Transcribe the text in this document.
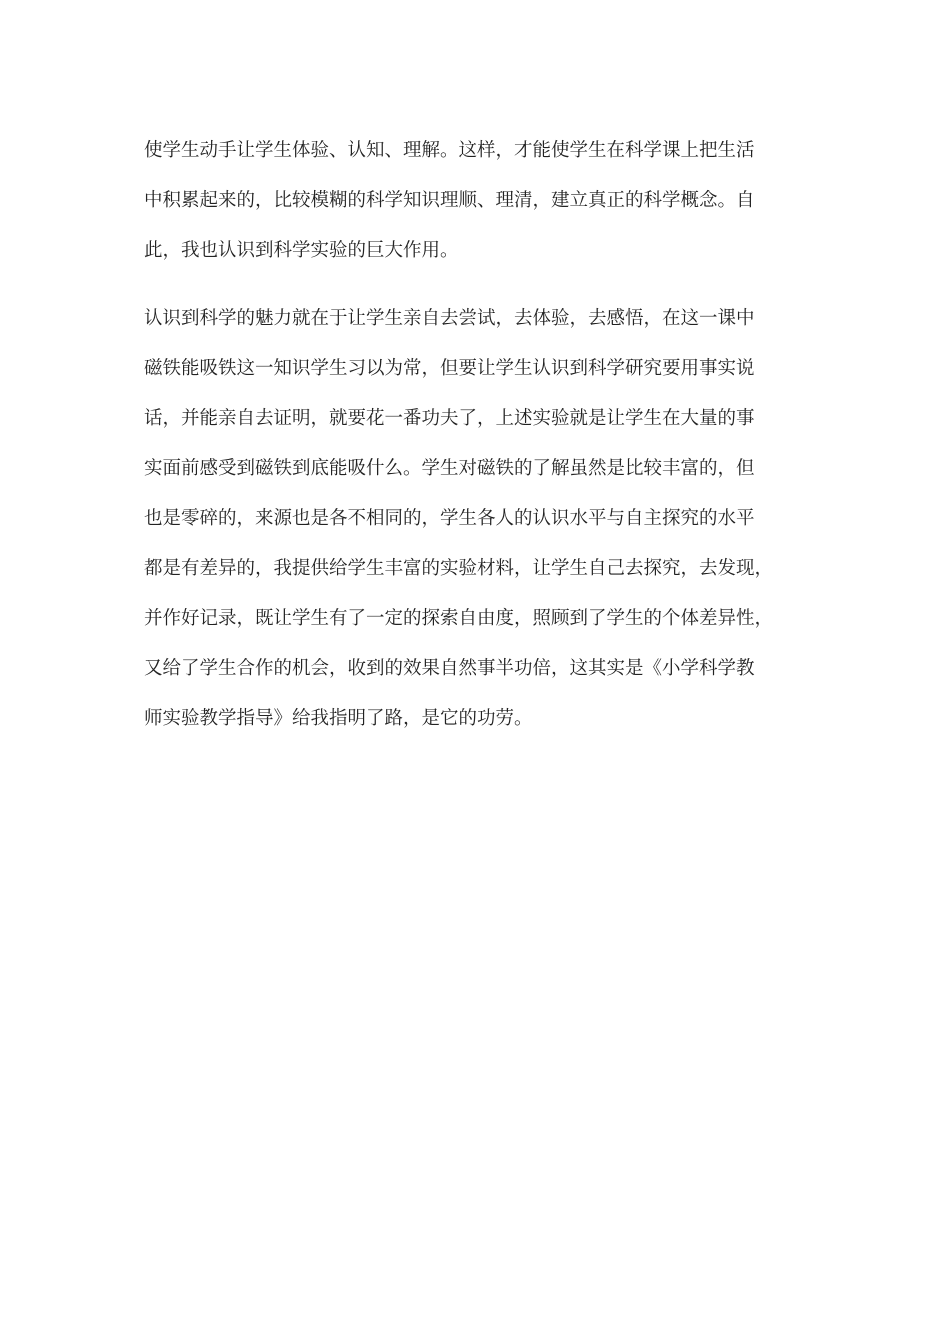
使学生动手让学生体验、认知、理解。这样，才能使学生在科学课上把生活
中积累起来的，比较模糊的科学知识理顺、理清，建立真正的科学概念。自
此，我也认识到科学实验的巨大作用。
认识到科学的魅力就在于让学生亲自去尝试，去体验，去感悟，在这一课中
磁铁能吸铁这一知识学生习以为常，但要让学生认识到科学研究要用事实说
话，并能亲自去证明，就要花一番功夫了，上述实验就是让学生在大量的事
实面前感受到磁铁到底能吸什么。学生对磁铁的了解虽然是比较丰富的，但
也是零碎的，来源也是各不相同的，学生各人的认识水平与自主探究的水平
都是有差异的，我提供给学生丰富的实验材料，让学生自己去探究，去发现，
并作好记录，既让学生有了一定的探索自由度，照顾到了学生的个体差异性，
又给了学生合作的机会，收到的效果自然事半功倍，这其实是《小学科学教
师实验教学指导》给我指明了路，是它的功劳。
